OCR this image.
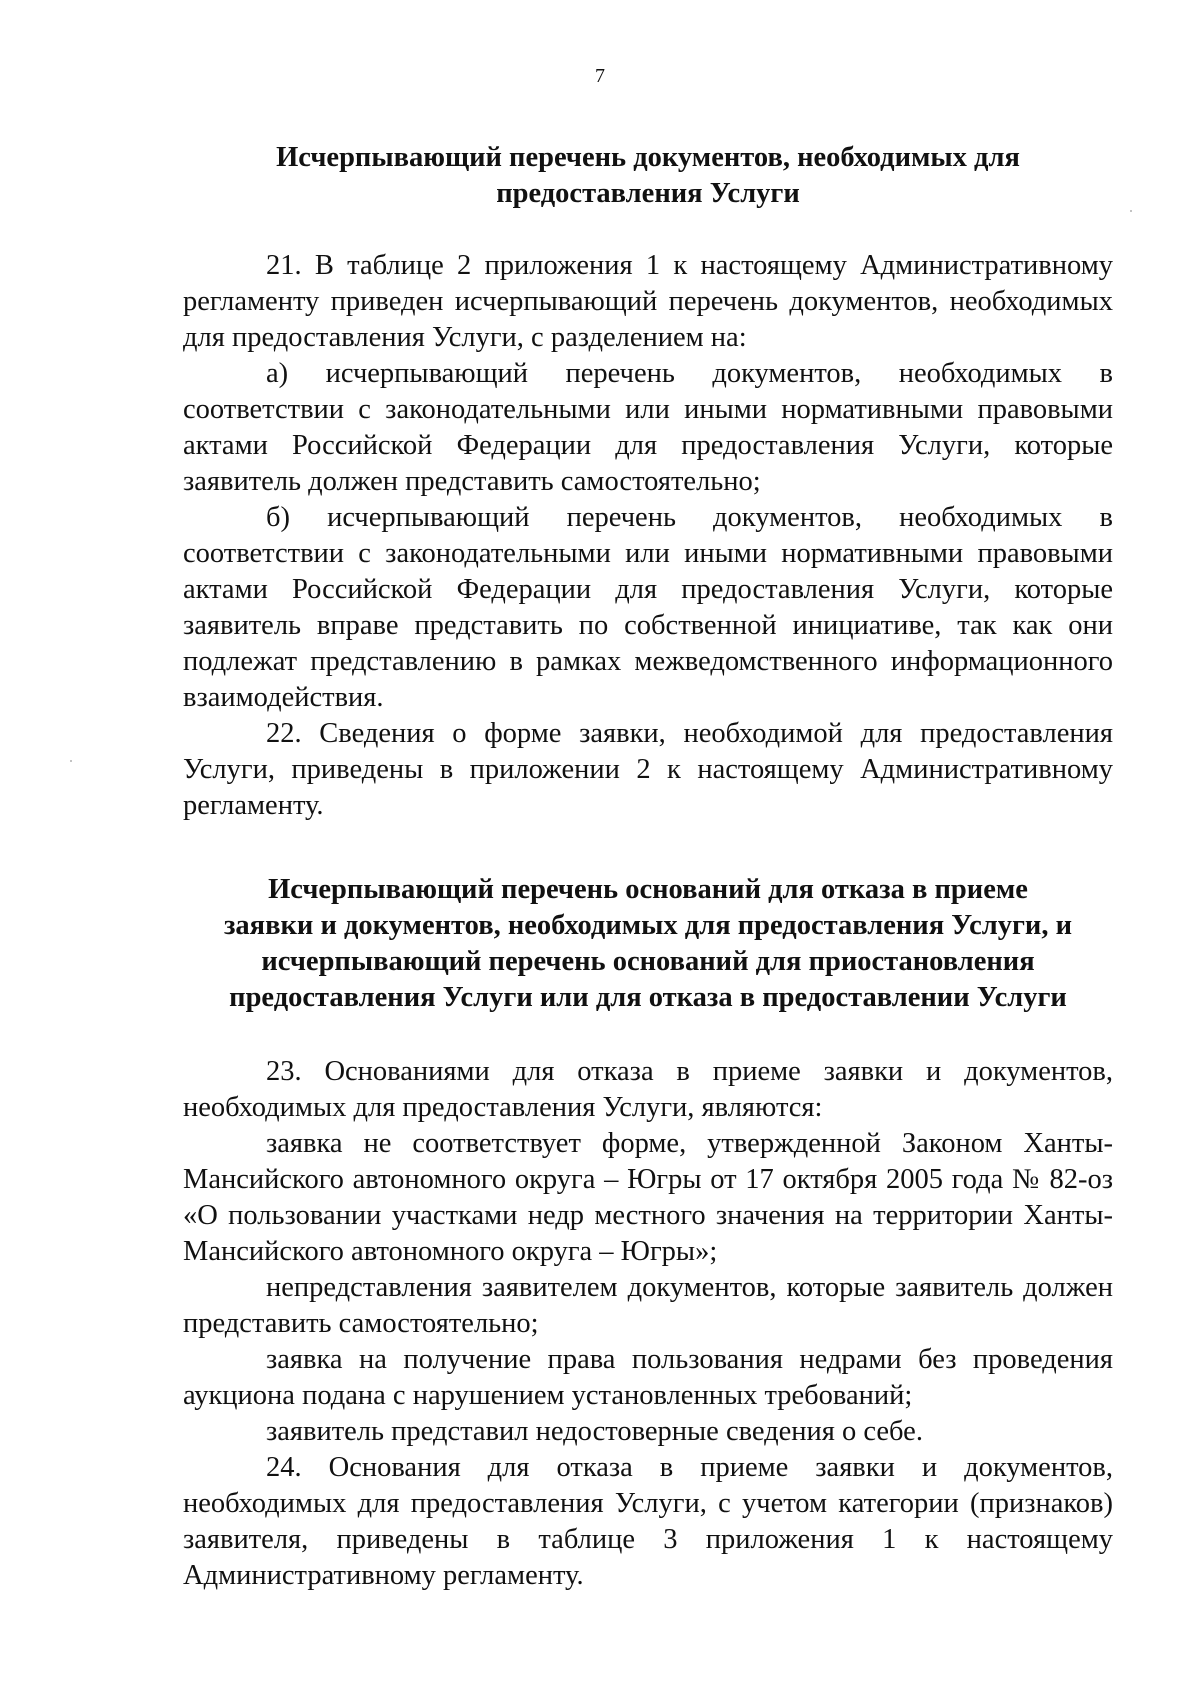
7
Исчерпывающий перечень документов, необходимых для
предоставления Услуги

21. В таблице 2 приложения 1 к настоящему Административному регламенту приведен исчерпывающий перечень документов, необходимых для предоставления Услуги, с разделением на:

а) исчерпывающий перечень документов, необходимых в соответствии с законодательными или иными нормативными правовыми актами Российской Федерации для предоставления Услуги, которые заявитель должен представить самостоятельно;

б) исчерпывающий перечень документов, необходимых в соответствии с законодательными или иными нормативными правовыми актами Российской Федерации для предоставления Услуги, которые заявитель вправе представить по собственной инициативе, так как они подлежат представлению в рамках межведомственного информационного взаимодействия.

22. Сведения о форме заявки, необходимой для предоставления Услуги, приведены в приложении 2 к настоящему Административному регламенту.

Исчерпывающий перечень оснований для отказа в приеме
заявки и документов, необходимых для предоставления Услуги, и
исчерпывающий перечень оснований для приостановления
предоставления Услуги или для отказа в предоставлении Услуги

23. Основаниями для отказа в приеме заявки и документов, необходимых для предоставления Услуги, являются:

заявка не соответствует форме, утвержденной Законом Ханты-Мансийского автономного округа – Югры от 17 октября 2005 года № 82-оз «О пользовании участками недр местного значения на территории Ханты-Мансийского автономного округа – Югры»;

непредставления заявителем документов, которые заявитель должен представить самостоятельно;

заявка на получение права пользования недрами без проведения аукциона подана с нарушением установленных требований;

заявитель представил недостоверные сведения о себе.

24. Основания для отказа в приеме заявки и документов, необходимых для предоставления Услуги, с учетом категории (признаков) заявителя, приведены в таблице 3 приложения 1 к настоящему Административному регламенту.
